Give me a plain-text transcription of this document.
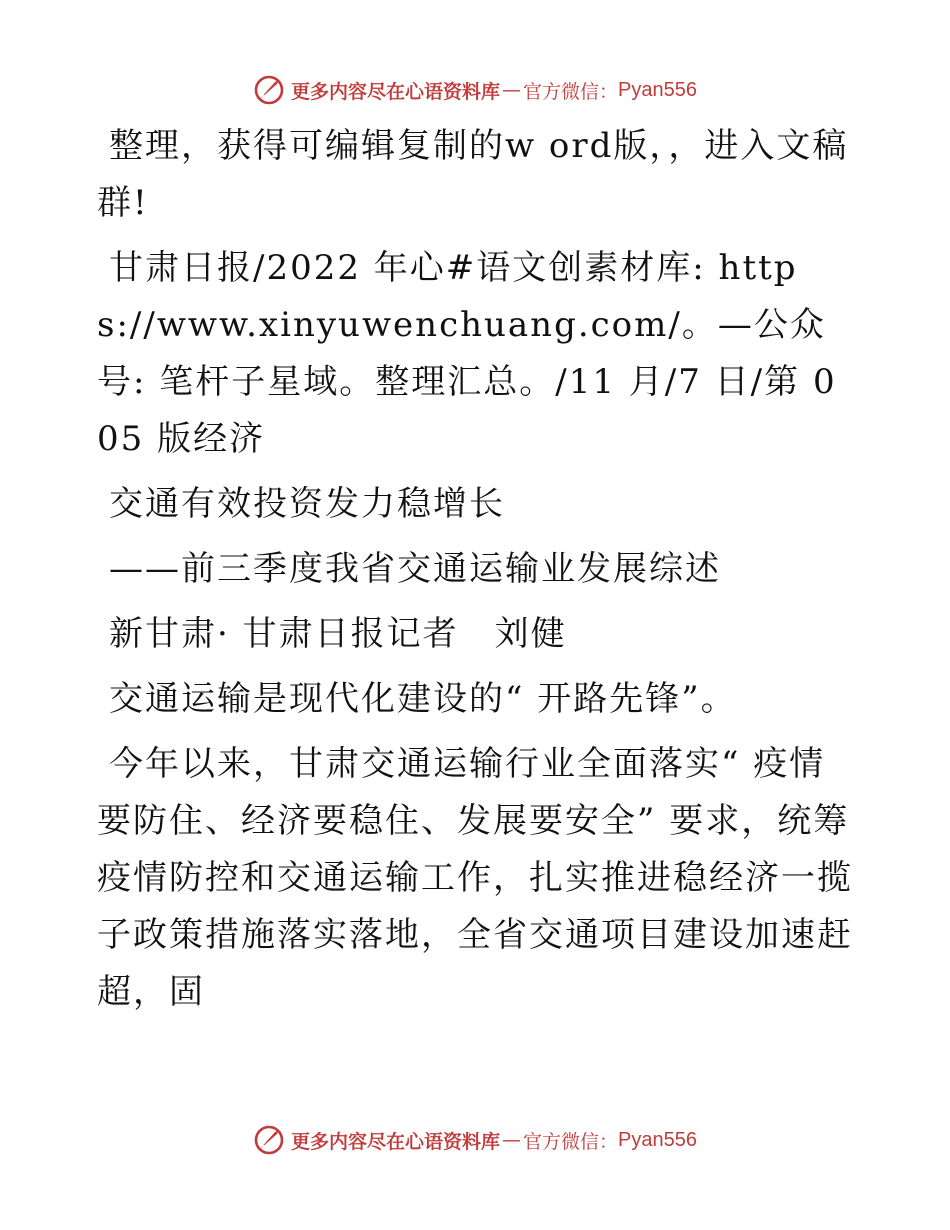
更多内容尽在心语资料库 — 官方微信： Pyan556

整理，获得可编辑复制的w ord版，，进入文稿群!

甘肃日报/2022 年心#语文创素材库: https://www.xinyuwenchuang.com/。—公众号: 笔杆子星域。整理汇总。/11 月/7 日/第 005 版经济

交通有效投资发力稳增长

——前三季度我省交通运输业发展综述

新甘肃· 甘肃日报记者　刘健

交通运输是现代化建设的“ 开路先锋”。

今年以来，甘肃交通运输行业全面落实“ 疫情要防住、经济要稳住、发展要安全” 要求，统筹疫情防控和交通运输工作，扎实推进稳经济一揽子政策措施落实落地，全省交通项目建设加速赶超，固

更多内容尽在心语资料库 — 官方微信： Pyan556
